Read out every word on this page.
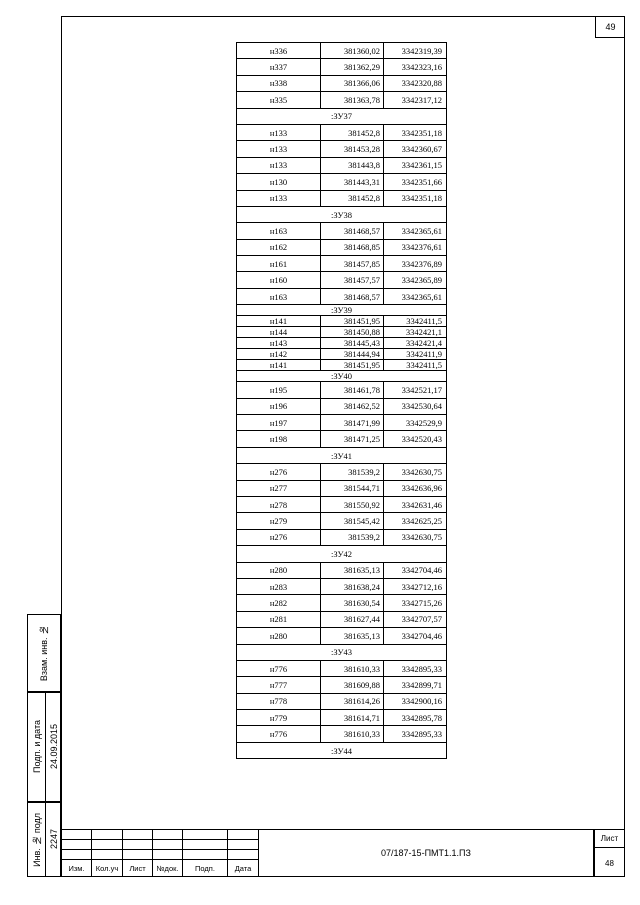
49
Взам. инв. №
Подп. и дата 24.09.2015
Инв. № подл 2247
н336	381360,02	3342319,39
н337	381362,29	3342323,16
н338	381366,06	3342320,88
н335	381363,78	3342317,12
:ЗУ37		
н133	381452,8	3342351,18
н133	381453,28	3342360,67
н133	381443,8	3342361,15
н130	381443,31	3342351,66
н133	381452,8	3342351,18
:ЗУ38		
н163	381468,57	3342365,61
н162	381468,85	3342376,61
н161	381457,85	3342376,89
н160	381457,57	3342365,89
н163	381468,57	3342365,61
:ЗУ39		
н141	381451,95	3342411,5
н144	381450,88	3342421,1
н143	381445,43	3342421,4
н142	381444,94	3342411,9
н141	381451,95	3342411,5
:ЗУ40		
н195	381461,78	3342521,17
н196	381462,52	3342530,64
н197	381471,99	3342529,9
н198	381471,25	3342520,43
:ЗУ41		
н276	381539,2	3342630,75
н277	381544,71	3342636,96
н278	381550,92	3342631,46
н279	381545,42	3342625,25
н276	381539,2	3342630,75
:ЗУ42		
н280	381635,13	3342704,46
н283	381638,24	3342712,16
н282	381630,54	3342715,26
н281	381627,44	3342707,57
н280	381635,13	3342704,46
:ЗУ43		
н776	381610,33	3342895,33
н777	381609,88	3342899,71
н778	381614,26	3342900,16
н779	381614,71	3342895,78
н776	381610,33	3342895,33
:ЗУ44		

Изм.	Кол.уч	Лист	№док.	Подп.	Дата
07/187-15-ПМТ1.1.ПЗ
Лист
48
